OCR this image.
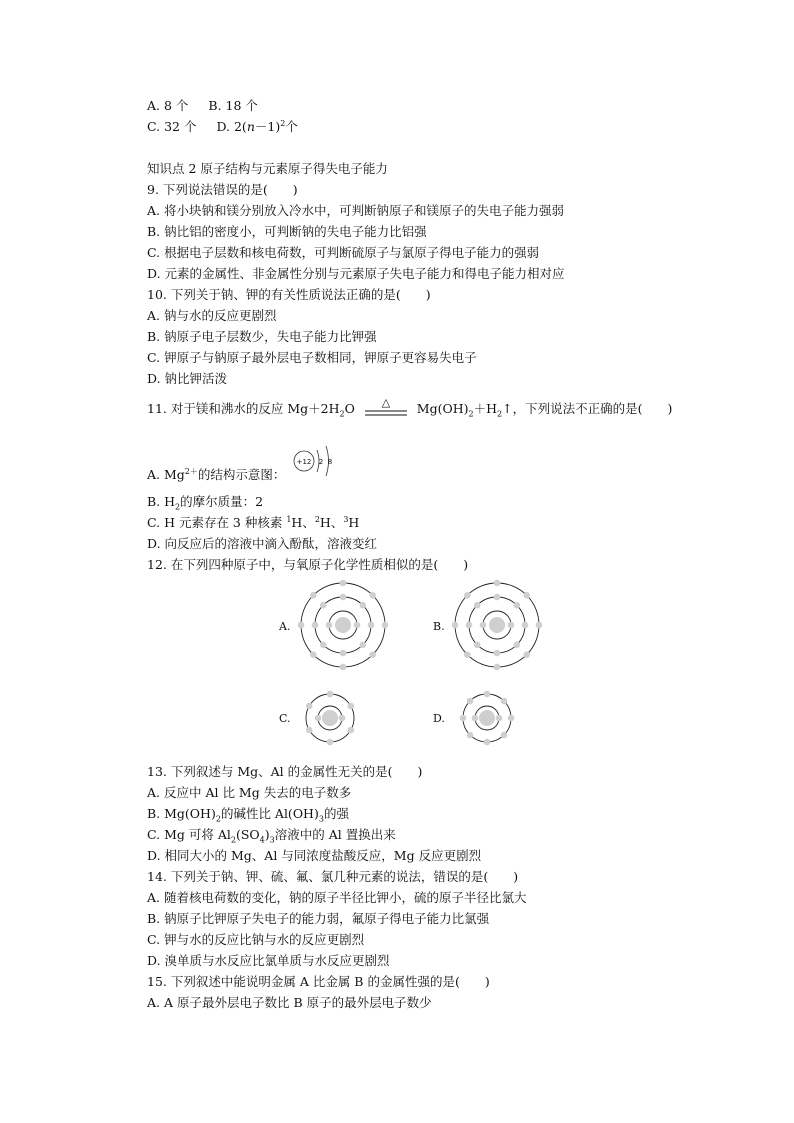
A. 8 个 B. 18 个
C. 32 个 D. $2(n-1)^2$个
知识点 2 原子结构与元素原子得失电子能力
9. 下列说法错误的是(　　)
A. 将小块钠和镁分别放入冷水中，可判断钠原子和镁原子的失电子能力强弱
B. 钠比铝的密度小，可判断钠的失电子能力比铝强
C. 根据电子层数和核电荷数，可判断硫原子与氯原子得电子能力的强弱
D. 元素的金属性、非金属性分别与元素原子失电子能力和得电子能力相对应
10. 下列关于钠、钾的有关性质说法正确的是(　　)
A. 钠与水的反应更剧烈
B. 钠原子电子层数少，失电子能力比钾强
C. 钾原子与钠原子最外层电子数相同，钾原子更容易失电子
D. 钠比钾活泼
11. 对于镁和沸水的反应 $Mg+2H_2O$ △ $Mg(OH)_2+H_2↑$，下列说法不正确的是(　　)
A. $Mg^{2+}$的结构示意图：
+12 2 8
B. $H_2$的摩尔质量：2
C. H 元素存在 3 种核素 $^1$H、$^2$H、$^3$H
D. 向反应后的溶液中滴入酚酞，溶液变红
12. 在下列四种原子中，与氧原子化学性质相似的是(　　)
A.	B.
C.	D.
13. 下列叙述与 Mg、Al 的金属性无关的是(　　)
A. 反应中 Al 比 Mg 失去的电子数多
B. $Mg(OH)_2$的碱性比 $Al(OH)_3$的强
C. Mg 可将 $Al_2(SO_4)_3$溶液中的 Al 置换出来
D. 相同大小的 Mg、Al 与同浓度盐酸反应，Mg 反应更剧烈
14. 下列关于钠、钾、硫、氟、氯几种元素的说法，错误的是(　　)
A. 随着核电荷数的变化，钠的原子半径比钾小，硫的原子半径比氯大
B. 钠原子比钾原子失电子的能力弱，氟原子得电子能力比氯强
C. 钾与水的反应比钠与水的反应更剧烈
D. 溴单质与水反应比氯单质与水反应更剧烈
15. 下列叙述中能说明金属 A 比金属 B 的金属性强的是(　　)
A. A 原子最外层电子数比 B 原子的最外层电子数少
